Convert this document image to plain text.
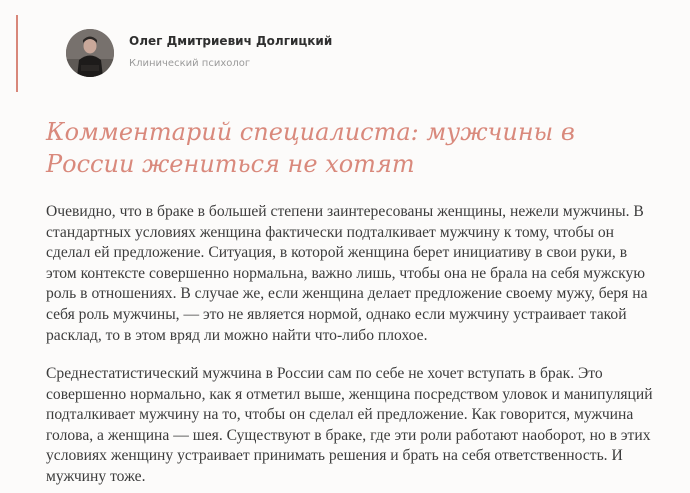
Олег Дмитриевич Долгицкий
Клинический психолог
Комментарий специалиста: мужчины в России жениться не хотят

Очевидно, что в браке в большей степени заинтересованы женщины, нежели мужчины. В стандартных условиях женщина фактически подталкивает мужчину к тому, чтобы он сделал ей предложение. Ситуация, в которой женщина берет инициативу в свои руки, в этом контексте совершенно нормальна, важно лишь, чтобы она не брала на себя мужскую роль в отношениях. В случае же, если женщина делает предложение своему мужу, беря на себя роль мужчины, — это не является нормой, однако если мужчину устраивает такой расклад, то в этом вряд ли можно найти что-либо плохое.

Среднестатистический мужчина в России сам по себе не хочет вступать в брак. Это совершенно нормально, как я отметил выше, женщина посредством уловок и манипуляций подталкивает мужчину на то, чтобы он сделал ей предложение. Как говорится, мужчина голова, а женщина — шея. Существуют в браке, где эти роли работают наоборот, но в этих условиях женщину устраивает принимать решения и брать на себя ответственность. И мужчину тоже.
